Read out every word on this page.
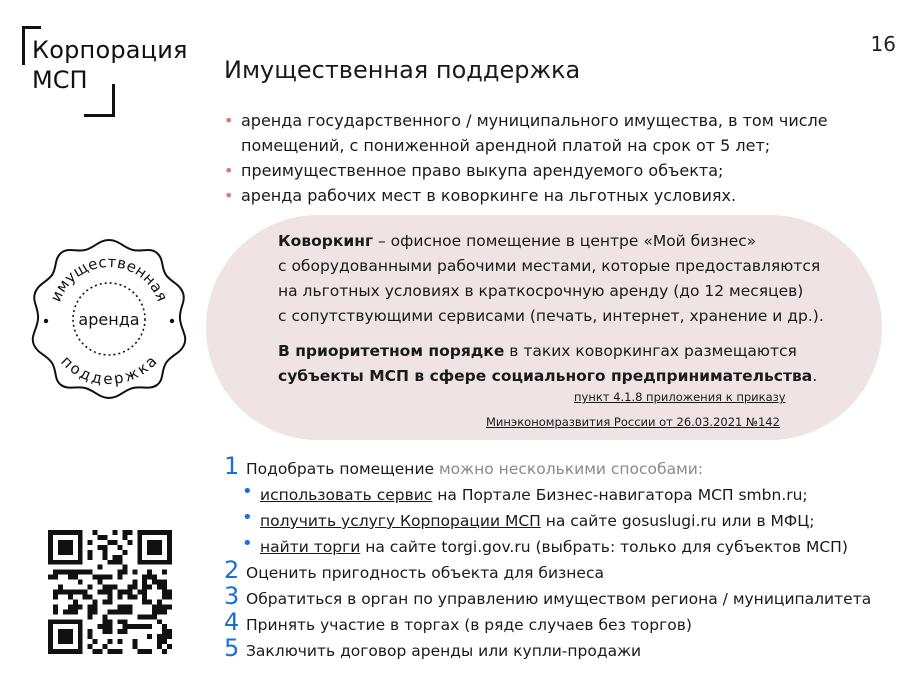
Корпорация
МСП
16
Имущественная поддержка
• аренда государственного / муниципального имущества, в том числе
помещений, с пониженной арендной платой на срок от 5 лет;
• преимущественное право выкупа арендуемого объекта;
• аренда рабочих мест в коворкинге на льготных условиях.
имущественная
поддержка
аренда

Коворкинг – офисное помещение в центре «Мой бизнес»

с оборудованными рабочими местами, которые предоставляются

на льготных условиях в краткосрочную аренду (до 12 месяцев)

с сопутствующими сервисами (печать, интернет, хранение и др.).

В приоритетном порядке в таких коворкингах размещаются

субъекты МСП в сфере социального предпринимательства.

пункт 4.1.8 приложения к приказу
Минэкономразвития России от 26.03.2021 №142
1 Подобрать помещение можно несколькими способами:
• использовать сервис на Портале Бизнес-навигатора МСП smbn.ru;
• получить услугу Корпорации МСП на сайте gosuslugi.ru или в МФЦ;
• найти торги на сайте torgi.gov.ru (выбрать: только для субъектов МСП)
2 Оценить пригодность объекта для бизнеса
3 Обратиться в орган по управлению имуществом региона / муниципалитета
4 Принять участие в торгах (в ряде случаев без торгов)
5 Заключить договор аренды или купли-продажи
